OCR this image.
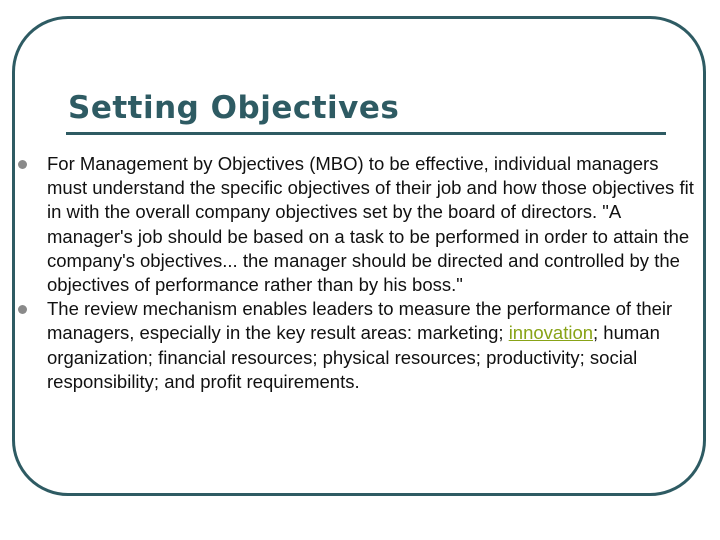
Setting Objectives
For Management by Objectives (MBO) to be effective, individual managers must understand the specific objectives of their job and how those objectives fit in with the overall company objectives set by the board of directors. "A manager's job should be based on a task to be performed in order to attain the company's objectives... the manager should be directed and controlled by the objectives of performance rather than by his boss."
The review mechanism enables leaders to measure the performance of their managers, especially in the key result areas: marketing; innovation; human organization; financial resources; physical resources; productivity; social responsibility; and profit requirements.
